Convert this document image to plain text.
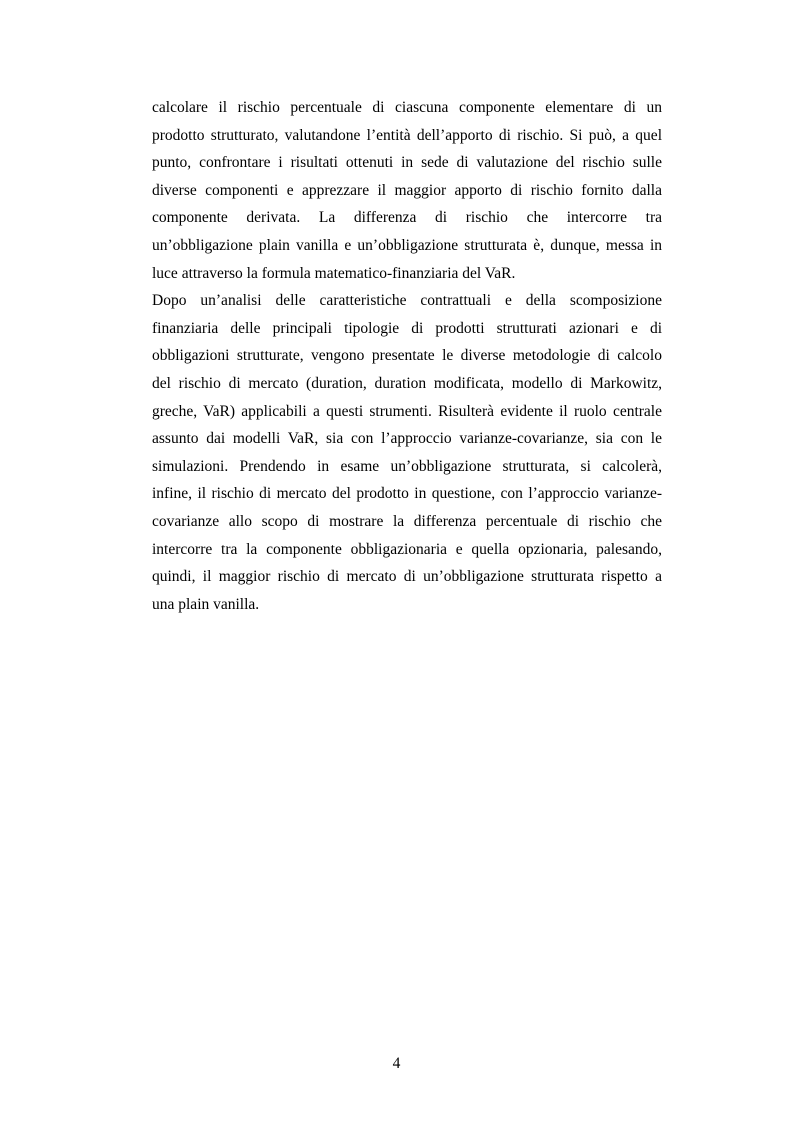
calcolare il rischio percentuale di ciascuna componente elementare di un
prodotto strutturato, valutandone l’entità dell’apporto di rischio. Si può, a quel
punto, confrontare i risultati ottenuti in sede di valutazione del rischio sulle
diverse componenti e apprezzare il maggior apporto di rischio fornito dalla
componente derivata. La differenza di rischio che intercorre tra
un’obbligazione plain vanilla e un’obbligazione strutturata è, dunque, messa in
luce attraverso la formula matematico-finanziaria del VaR.
Dopo un’analisi delle caratteristiche contrattuali e della scomposizione
finanziaria delle principali tipologie di prodotti strutturati azionari e di
obbligazioni strutturate, vengono presentate le diverse metodologie di calcolo
del rischio di mercato (duration, duration modificata, modello di Markowitz,
greche, VaR) applicabili a questi strumenti. Risulterà evidente il ruolo centrale
assunto dai modelli VaR, sia con l’approccio varianze-covarianze, sia con le
simulazioni. Prendendo in esame un’obbligazione strutturata, si calcolerà,
infine, il rischio di mercato del prodotto in questione, con l’approccio varianze-
covarianze allo scopo di mostrare la differenza percentuale di rischio che
intercorre tra la componente obbligazionaria e quella opzionaria, palesando,
quindi, il maggior rischio di mercato di un’obbligazione strutturata rispetto a
una plain vanilla.
4
